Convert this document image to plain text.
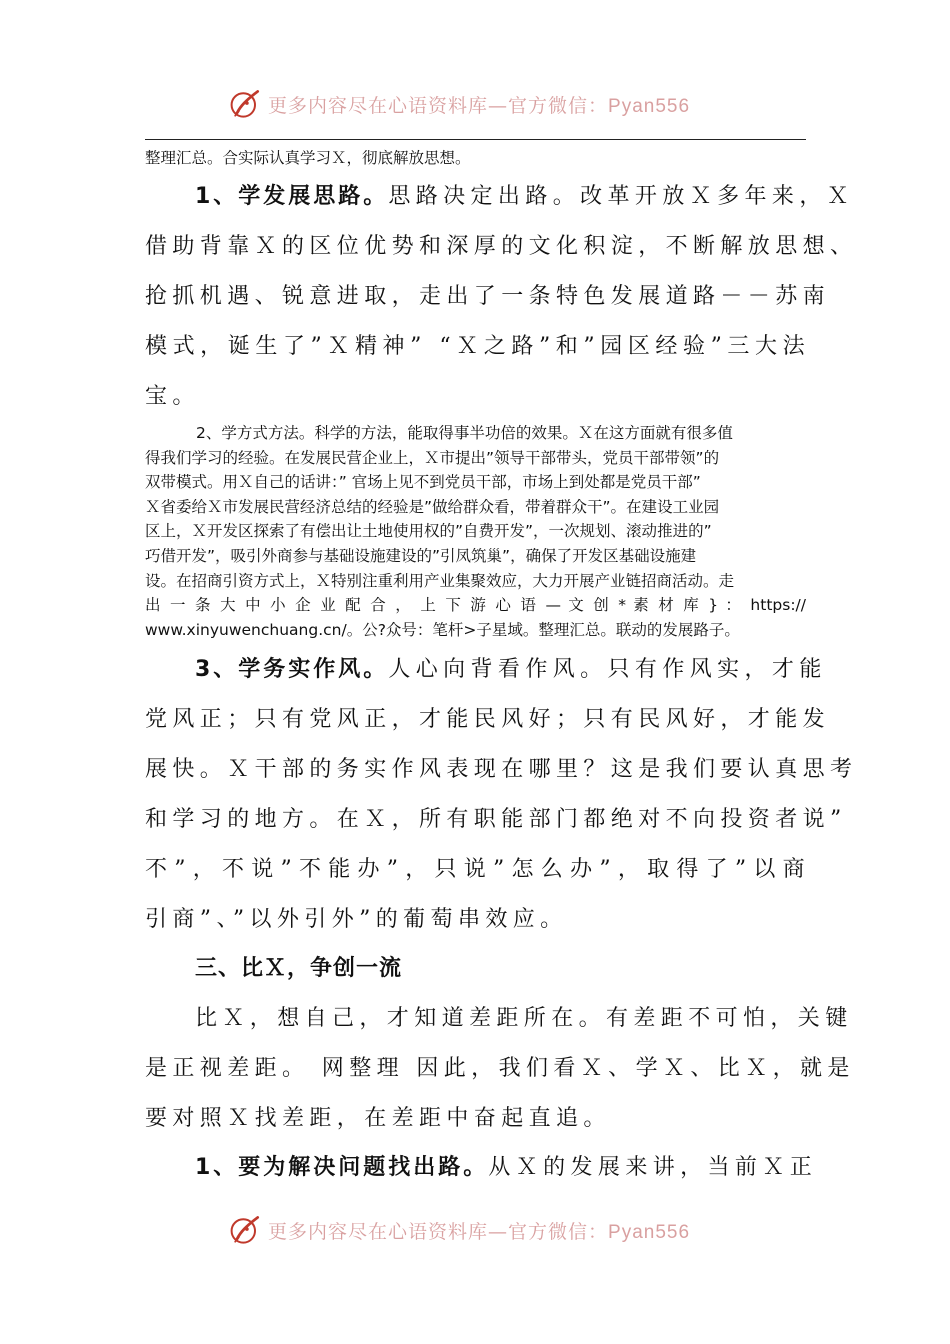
更多内容尽在心语资料库—官方微信：Pyan556
整理汇总。合实际认真学习Ｘ，彻底解放思想。
1、学发展思路。思路决定出路。改革开放Ｘ多年来，Ｘ
借助背靠Ｘ的区位优势和深厚的文化积淀，不断解放思想、
抢抓机遇、锐意进取，走出了一条特色发展道路－－苏南
模式，诞生了”Ｘ精神” “Ｘ之路”和”园区经验”三大法
宝。
2、学方式方法。科学的方法，能取得事半功倍的效果。Ｘ在这方面就有很多值
得我们学习的经验。在发展民营企业上，Ｘ市提出”领导干部带头，党员干部带领”的
双带模式。用Ｘ自己的话讲：” 官场上见不到党员干部，市场上到处都是党员干部”
Ｘ省委给Ｘ市发展民营经济总结的经验是”做给群众看，带着群众干”。在建设工业园
区上，Ｘ开发区探索了有偿出让土地使用权的”自费开发”，一次规划、滚动推进的”
巧借开发”，吸引外商参与基础设施建设的”引凤筑巢”，确保了开发区基础设施建
设。在招商引资方式上，Ｘ特别注重利用产业集聚效应，大力开展产业链招商活动。走
出 一 条 大 中 小 企 业 配 合 ， 上 下 游 心 语 — 文 创 * 素 材 库 } ： https://
www.xinyuwenchuang.cn/。公?众号：笔杆>子星域。整理汇总。联动的发展路子。
3、学务实作风。人心向背看作风。只有作风实，才能
党风正；只有党风正，才能民风好；只有民风好，才能发
展快。Ｘ干部的务实作风表现在哪里？这是我们要认真思考
和学习的地方。在Ｘ，所有职能部门都绝对不向投资者说”
不”，不说”不能办”，只说”怎么办”，取得了”以商
引商”、”以外引外”的葡萄串效应。
三、比Ｘ，争创一流
比Ｘ，想自己，才知道差距所在。有差距不可怕，关键
是正视差距。 网整理 因此，我们看Ｘ、学Ｘ、比Ｘ，就是
要对照Ｘ找差距，在差距中奋起直追。
1、要为解决问题找出路。从Ｘ的发展来讲，当前Ｘ正
更多内容尽在心语资料库—官方微信：Pyan556
